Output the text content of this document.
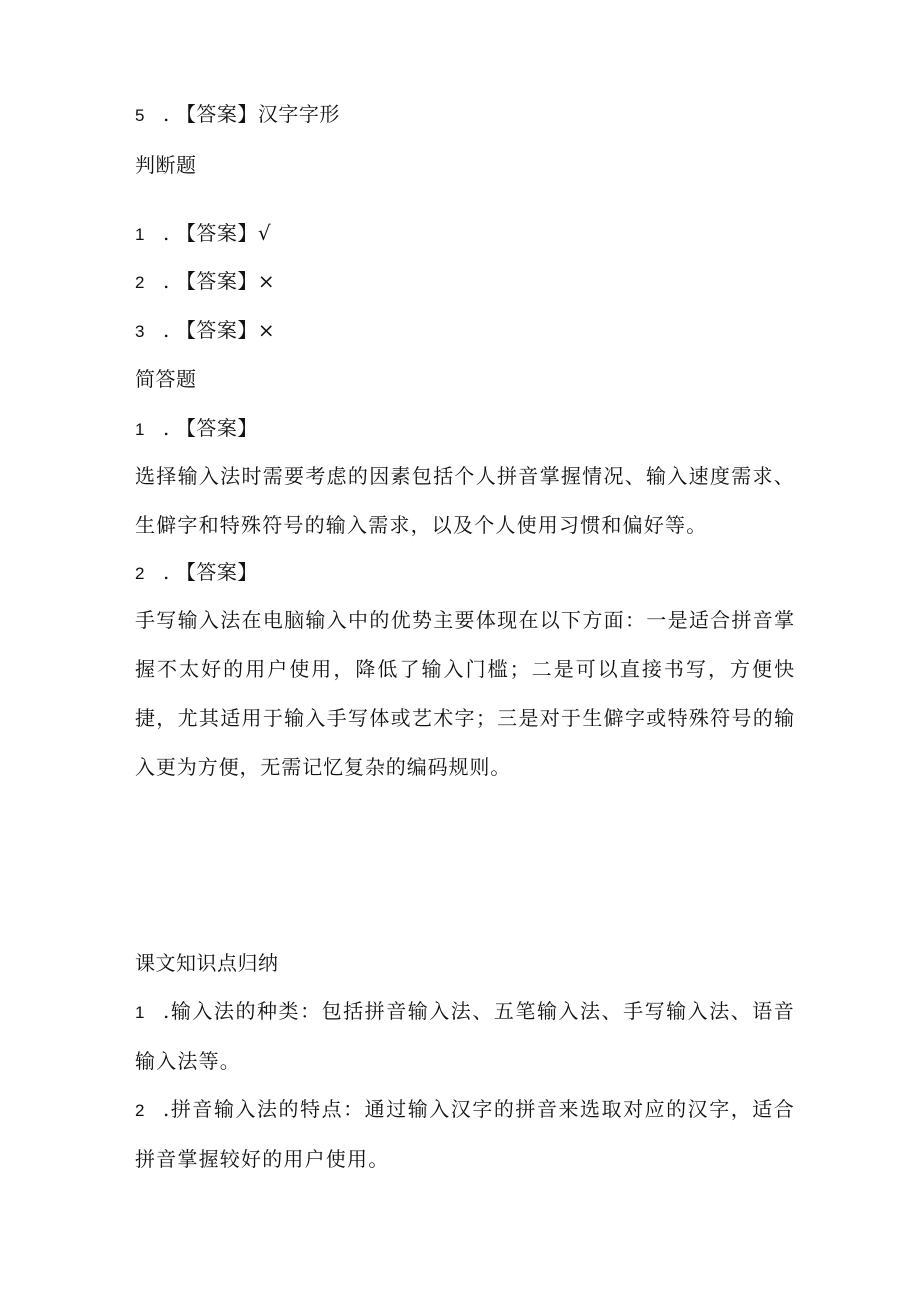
5 . 【答案】汉字字形
判断题
1 . 【答案】√
2 . 【答案】×
3 . 【答案】×
简答题
1 . 【答案】
选择输入法时需要考虑的因素包括个人拼音掌握情况、输入速度需求、生僻字和特殊符号的输入需求，以及个人使用习惯和偏好等。
2 . 【答案】
手写输入法在电脑输入中的优势主要体现在以下方面：一是适合拼音掌握不太好的用户使用，降低了输入门槛；二是可以直接书写，方便快捷，尤其适用于输入手写体或艺术字；三是对于生僻字或特殊符号的输入更为方便，无需记忆复杂的编码规则。
课文知识点归纳
1 .输入法的种类：包括拼音输入法、五笔输入法、手写输入法、语音输入法等。
2 .拼音输入法的特点：通过输入汉字的拼音来选取对应的汉字，适合拼音掌握较好的用户使用。
